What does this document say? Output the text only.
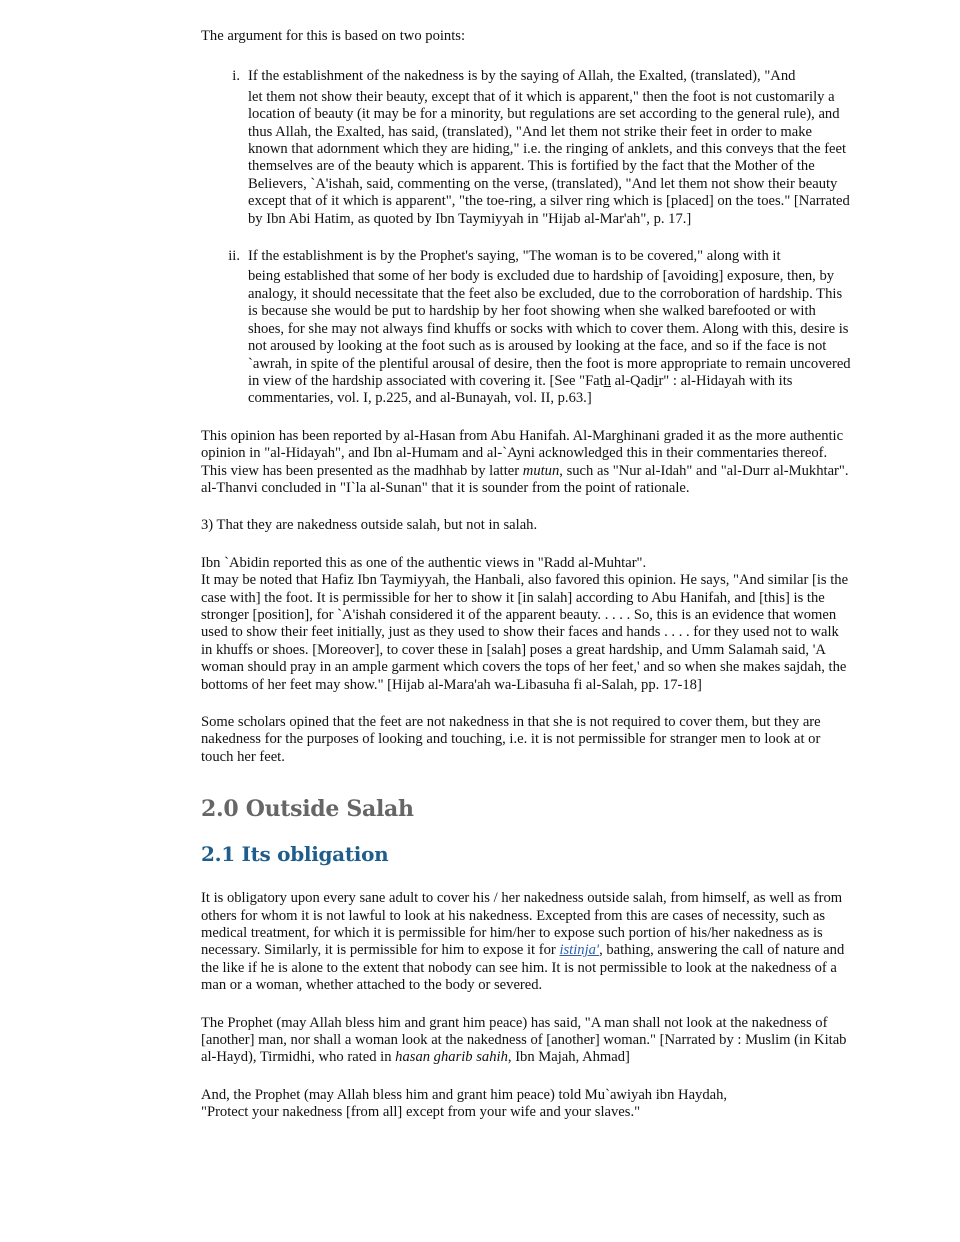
The argument for this is based on two points:

i. If the establishment of the nakedness is by the saying of Allah, the Exalted, (translated), "And
let them not show their beauty, except that of it which is apparent," then the foot is not customarily a location of beauty (it may be for a minority, but regulations are set according to the general rule), and thus Allah, the Exalted, has said, (translated), "And let them not strike their feet in order to make known that adornment which they are hiding," i.e. the ringing of anklets, and this conveys that the feet themselves are of the beauty which is apparent. This is fortified by the fact that the Mother of the Believers, `A'ishah, said, commenting on the verse, (translated), "And let them not show their beauty except that of it which is apparent", "the toe-ring, a silver ring which is [placed] on the toes." [Narrated by Ibn Abi Hatim, as quoted by Ibn Taymiyyah in "Hijab al-Mar'ah", p. 17.]
ii. If the establishment is by the Prophet's saying, "The woman is to be covered," along with it
being established that some of her body is excluded due to hardship of [avoiding] exposure, then, by analogy, it should necessitate that the feet also be excluded, due to the corroboration of hardship. This is because she would be put to hardship by her foot showing when she walked barefooted or with shoes, for she may not always find khuffs or socks with which to cover them. Along with this, desire is not aroused by looking at the foot such as is aroused by looking at the face, and so if the face is not `awrah, in spite of the plentiful arousal of desire, then the foot is more appropriate to remain uncovered in view of the hardship associated with covering it. [See "Fath al-Qadir" : al-Hidayah with its commentaries, vol. I, p.225, and al-Bunayah, vol. II, p.63.]

This opinion has been reported by al-Hasan from Abu Hanifah. Al-Marghinani graded it as the more authentic opinion in "al-Hidayah", and Ibn al-Humam and al-`Ayni acknowledged this in their commentaries thereof. This view has been presented as the madhhab by latter mutun, such as "Nur al-Idah" and "al-Durr al-Mukhtar". al-Thanvi concluded in "I`la al-Sunan" that it is sounder from the point of rationale.

3) That they are nakedness outside salah, but not in salah.

Ibn `Abidin reported this as one of the authentic views in "Radd al-Muhtar".
It may be noted that Hafiz Ibn Taymiyyah, the Hanbali, also favored this opinion. He says, "And similar [is the case with] the foot. It is permissible for her to show it [in salah] according to Abu Hanifah, and [this] is the stronger [position], for `A'ishah considered it of the apparent beauty. . . . . So, this is an evidence that women used to show their feet initially, just as they used to show their faces and hands . . . . for they used not to walk in khuffs or shoes. [Moreover], to cover these in [salah] poses a great hardship, and Umm Salamah said, 'A woman should pray in an ample garment which covers the tops of her feet,' and so when she makes sajdah, the bottoms of her feet may show." [Hijab al-Mara'ah wa-Libasuha fi al-Salah, pp. 17-18]

Some scholars opined that the feet are not nakedness in that she is not required to cover them, but they are nakedness for the purposes of looking and touching, i.e. it is not permissible for stranger men to look at or touch her feet.

2.0 Outside Salah
2.1 Its obligation

It is obligatory upon every sane adult to cover his / her nakedness outside salah, from himself, as well as from others for whom it is not lawful to look at his nakedness. Excepted from this are cases of necessity, such as medical treatment, for which it is permissible for him/her to expose such portion of his/her nakedness as is necessary. Similarly, it is permissible for him to expose it for istinja', bathing, answering the call of nature and the like if he is alone to the extent that nobody can see him. It is not permissible to look at the nakedness of a man or a woman, whether attached to the body or severed.

The Prophet (may Allah bless him and grant him peace) has said, "A man shall not look at the nakedness of [another] man, nor shall a woman look at the nakedness of [another] woman." [Narrated by : Muslim (in Kitab al-Hayd), Tirmidhi, who rated in hasan gharib sahih, Ibn Majah, Ahmad]

And, the Prophet (may Allah bless him and grant him peace) told Mu`awiyah ibn Haydah,
"Protect your nakedness [from all] except from your wife and your slaves."
